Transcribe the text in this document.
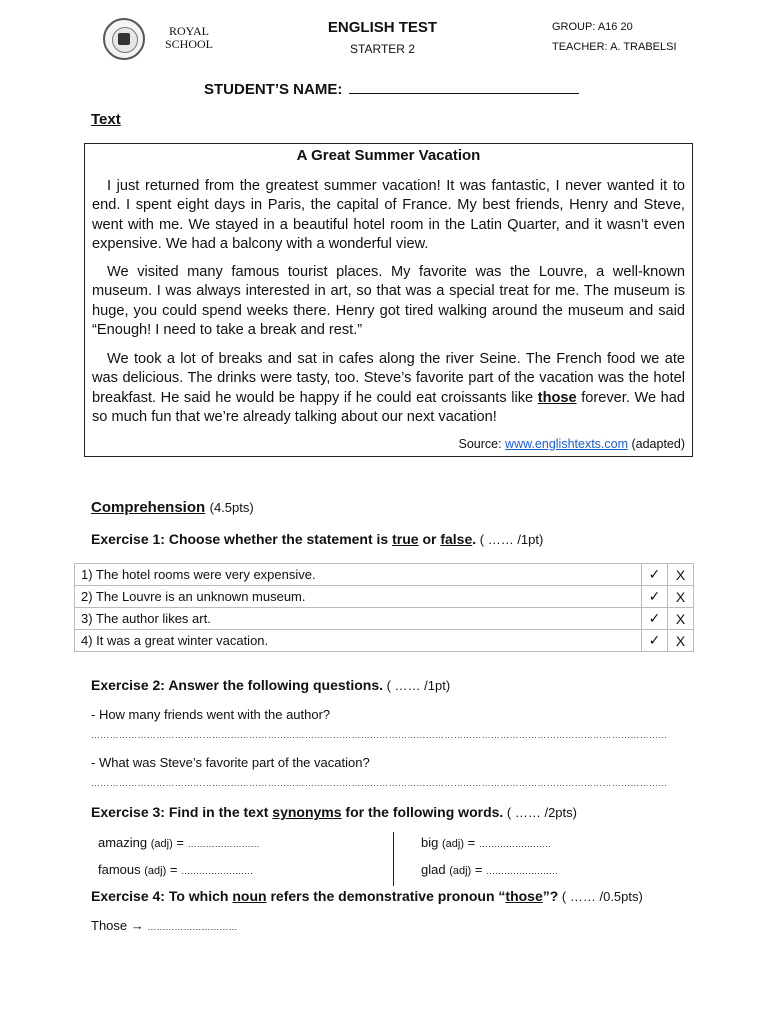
ROYAL
SCHOOL
ENGLISH TEST
STARTER 2
GROUP: A16 20
TEACHER: A. TRABELSI
STUDENT’S NAME:
Text
A Great Summer Vacation
I just returned from the greatest summer vacation! It was fantastic, I never wanted it to end. I spent eight days in Paris, the capital of France. My best friends, Henry and Steve, went with me. We stayed in a beautiful hotel room in the Latin Quarter, and it wasn’t even expensive. We had a balcony with a wonderful view.
We visited many famous tourist places. My favorite was the Louvre, a well-known museum. I was always interested in art, so that was a special treat for me. The museum is huge, you could spend weeks there. Henry got tired walking around the museum and said “Enough! I need to take a break and rest.”
We took a lot of breaks and sat in cafes along the river Seine. The French food we ate was delicious. The drinks were tasty, too. Steve’s favorite part of the vacation was the hotel breakfast. He said he would be happy if he could eat croissants like those forever. We had so much fun that we’re already talking about our next vacation!
Source: www.englishtexts.com (adapted)
Comprehension (4.5pts)
Exercise 1: Choose whether the statement is true or false. ( …… /1pt)
1) The hotel rooms were very expensive.	✓	X
2) The Louvre is an unknown museum.	✓	X
3) The author likes art.	✓	X
4) It was a great winter vacation.	✓	X
Exercise 2: Answer the following questions. ( …… /1pt)
- How many friends went with the author?
……………………………………………………………………………………………………………………………………………………………………
- What was Steve’s favorite part of the vacation?
……………………………………………………………………………………………………………………………………………………………………
Exercise 3: Find in the text synonyms for the following words. ( …… /2pts)
amazing (adj) = ……………………	big (adj) = ……………………
famous (adj) = ……………………	glad (adj) = ……………………
Exercise 4: To which noun refers the demonstrative pronoun “those”? ( …… /0.5pts)
Those → …………………………
